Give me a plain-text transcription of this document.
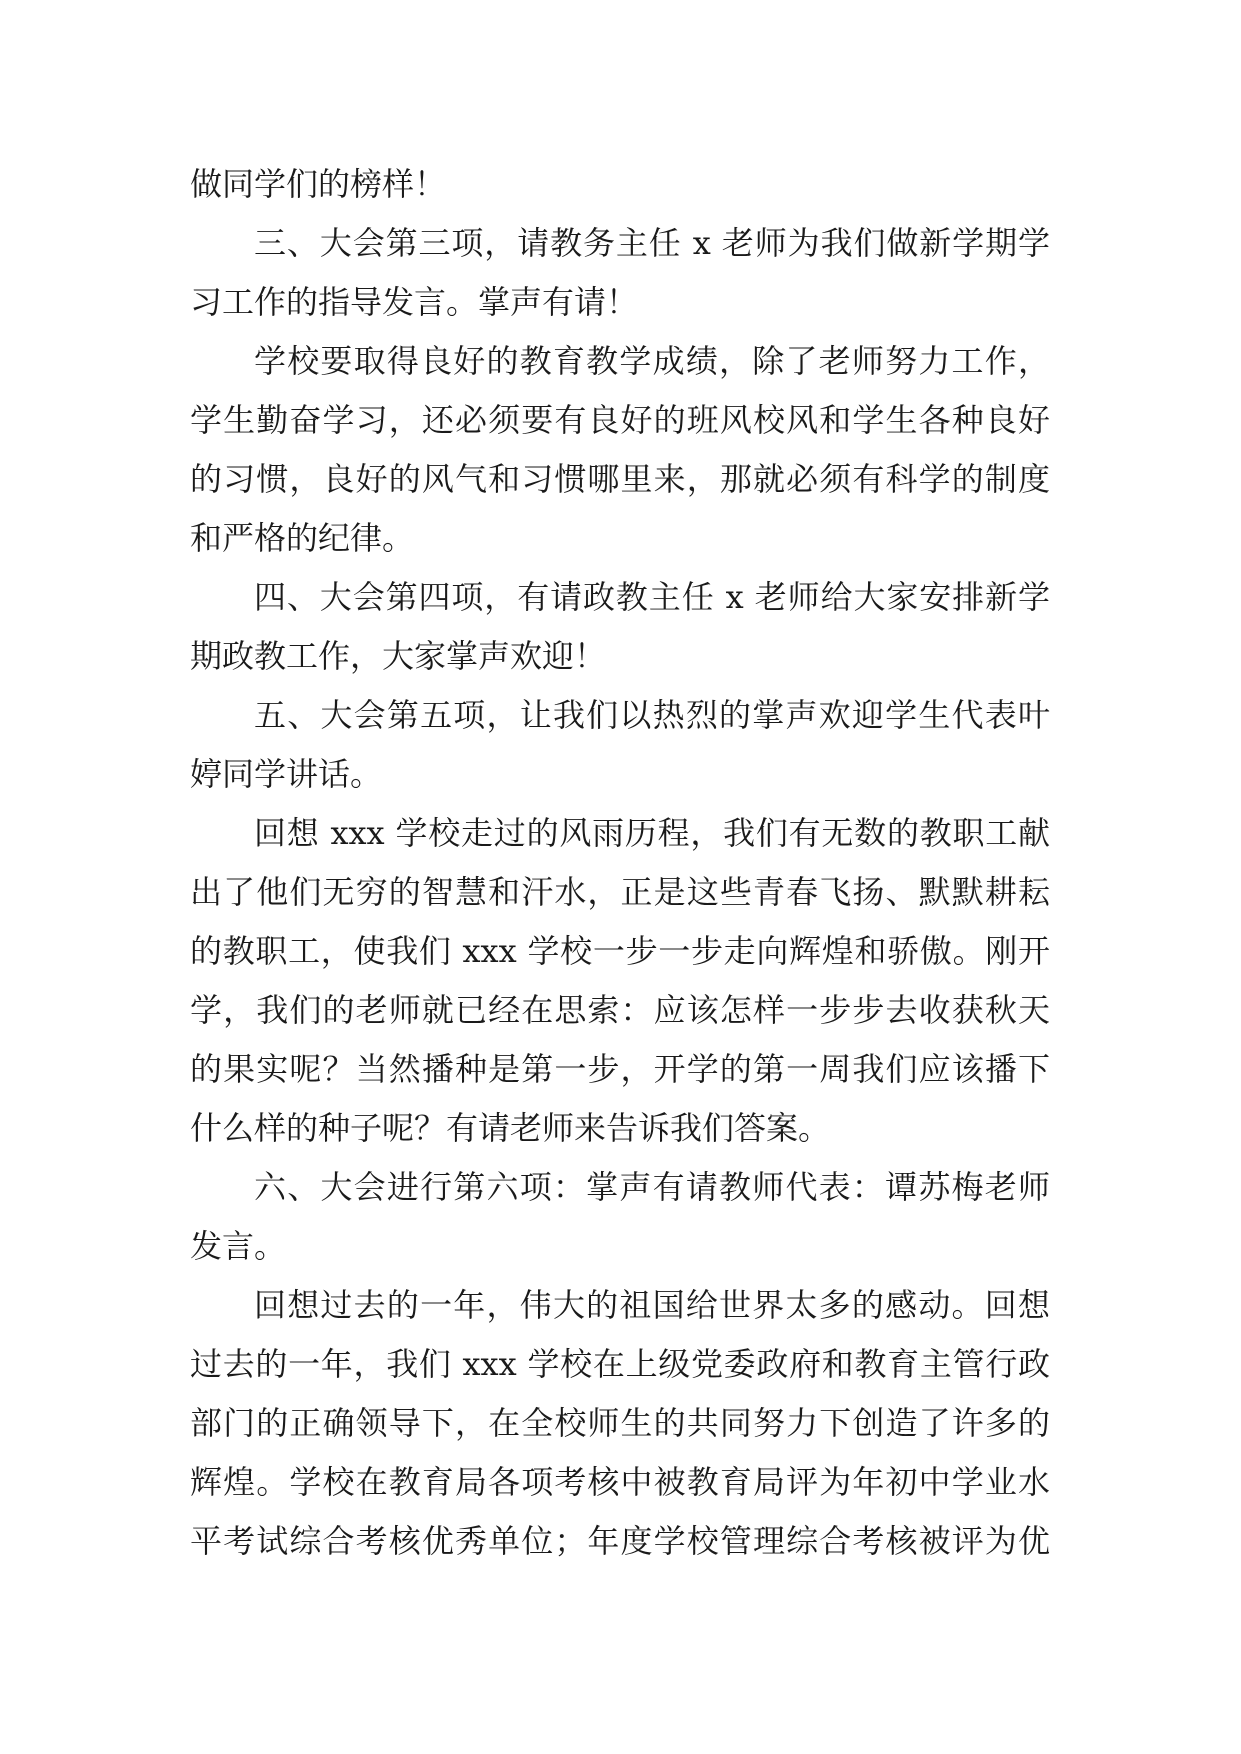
做同学们的榜样！
三、大会第三项，请教务主任 x 老师为我们做新学期学
习工作的指导发言。掌声有请！
学校要取得良好的教育教学成绩，除了老师努力工作，
学生勤奋学习，还必须要有良好的班风校风和学生各种良好
的习惯，良好的风气和习惯哪里来，那就必须有科学的制度
和严格的纪律。
四、大会第四项，有请政教主任 x 老师给大家安排新学
期政教工作，大家掌声欢迎！
五、大会第五项，让我们以热烈的掌声欢迎学生代表叶
婷同学讲话。
回想 xxx 学校走过的风雨历程，我们有无数的教职工献
出了他们无穷的智慧和汗水，正是这些青春飞扬、默默耕耘
的教职工，使我们 xxx 学校一步一步走向辉煌和骄傲。刚开
学，我们的老师就已经在思索：应该怎样一步步去收获秋天
的果实呢？当然播种是第一步，开学的第一周我们应该播下
什么样的种子呢？有请老师来告诉我们答案。
六、大会进行第六项：掌声有请教师代表：谭苏梅老师
发言。
回想过去的一年，伟大的祖国给世界太多的感动。回想
过去的一年，我们 xxx 学校在上级党委政府和教育主管行政
部门的正确领导下，在全校师生的共同努力下创造了许多的
辉煌。学校在教育局各项考核中被教育局评为年初中学业水
平考试综合考核优秀单位；年度学校管理综合考核被评为优
